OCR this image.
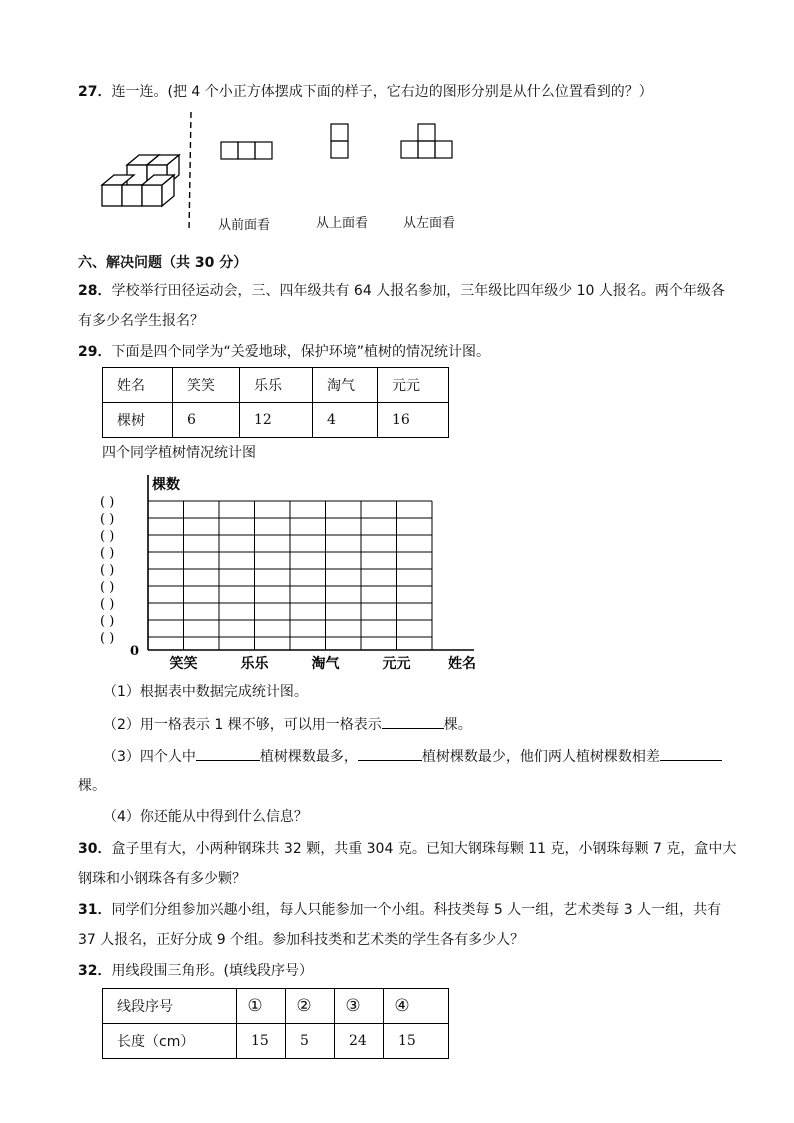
27．连一连。(把 4 个小正方体摆成下面的样子，它右边的图形分别是从什么位置看到的？）
从前面看	从上面看	从左面看
六、解决问题（共 30 分）
28．学校举行田径运动会，三、四年级共有 64 人报名参加，三年级比四年级少 10 人报名。两个年级各
有多少名学生报名？
29．下面是四个同学为“关爱地球，保护环境”植树的情况统计图。
姓名	笑笑	乐乐	淘气	元元
棵树	6	12	4	16
四个同学植树情况统计图
棵数
( )
( )
( )
( )
( )
( )
( )
( )
( )
0
笑笑	乐乐	淘气	元元	姓名
（1）根据表中数据完成统计图。
（2）用一格表示 1 棵不够，可以用一格表示	棵。
（3）四个人中	植树棵数最多，	植树棵数最少，他们两人植树棵数相差
棵。
（4）你还能从中得到什么信息？
30．盒子里有大，小两种钢珠共 32 颗，共重 304 克。已知大钢珠每颗 11 克，小钢珠每颗 7 克，盒中大
钢珠和小钢珠各有多少颗？
31．同学们分组参加兴趣小组，每人只能参加一个小组。科技类每 5 人一组，艺术类每 3 人一组，共有
37 人报名，正好分成 9 个组。参加科技类和艺术类的学生各有多少人？
32．用线段围三角形。(填线段序号）
线段序号	①	②	③	④
长度（cm）	15	5	24	15
